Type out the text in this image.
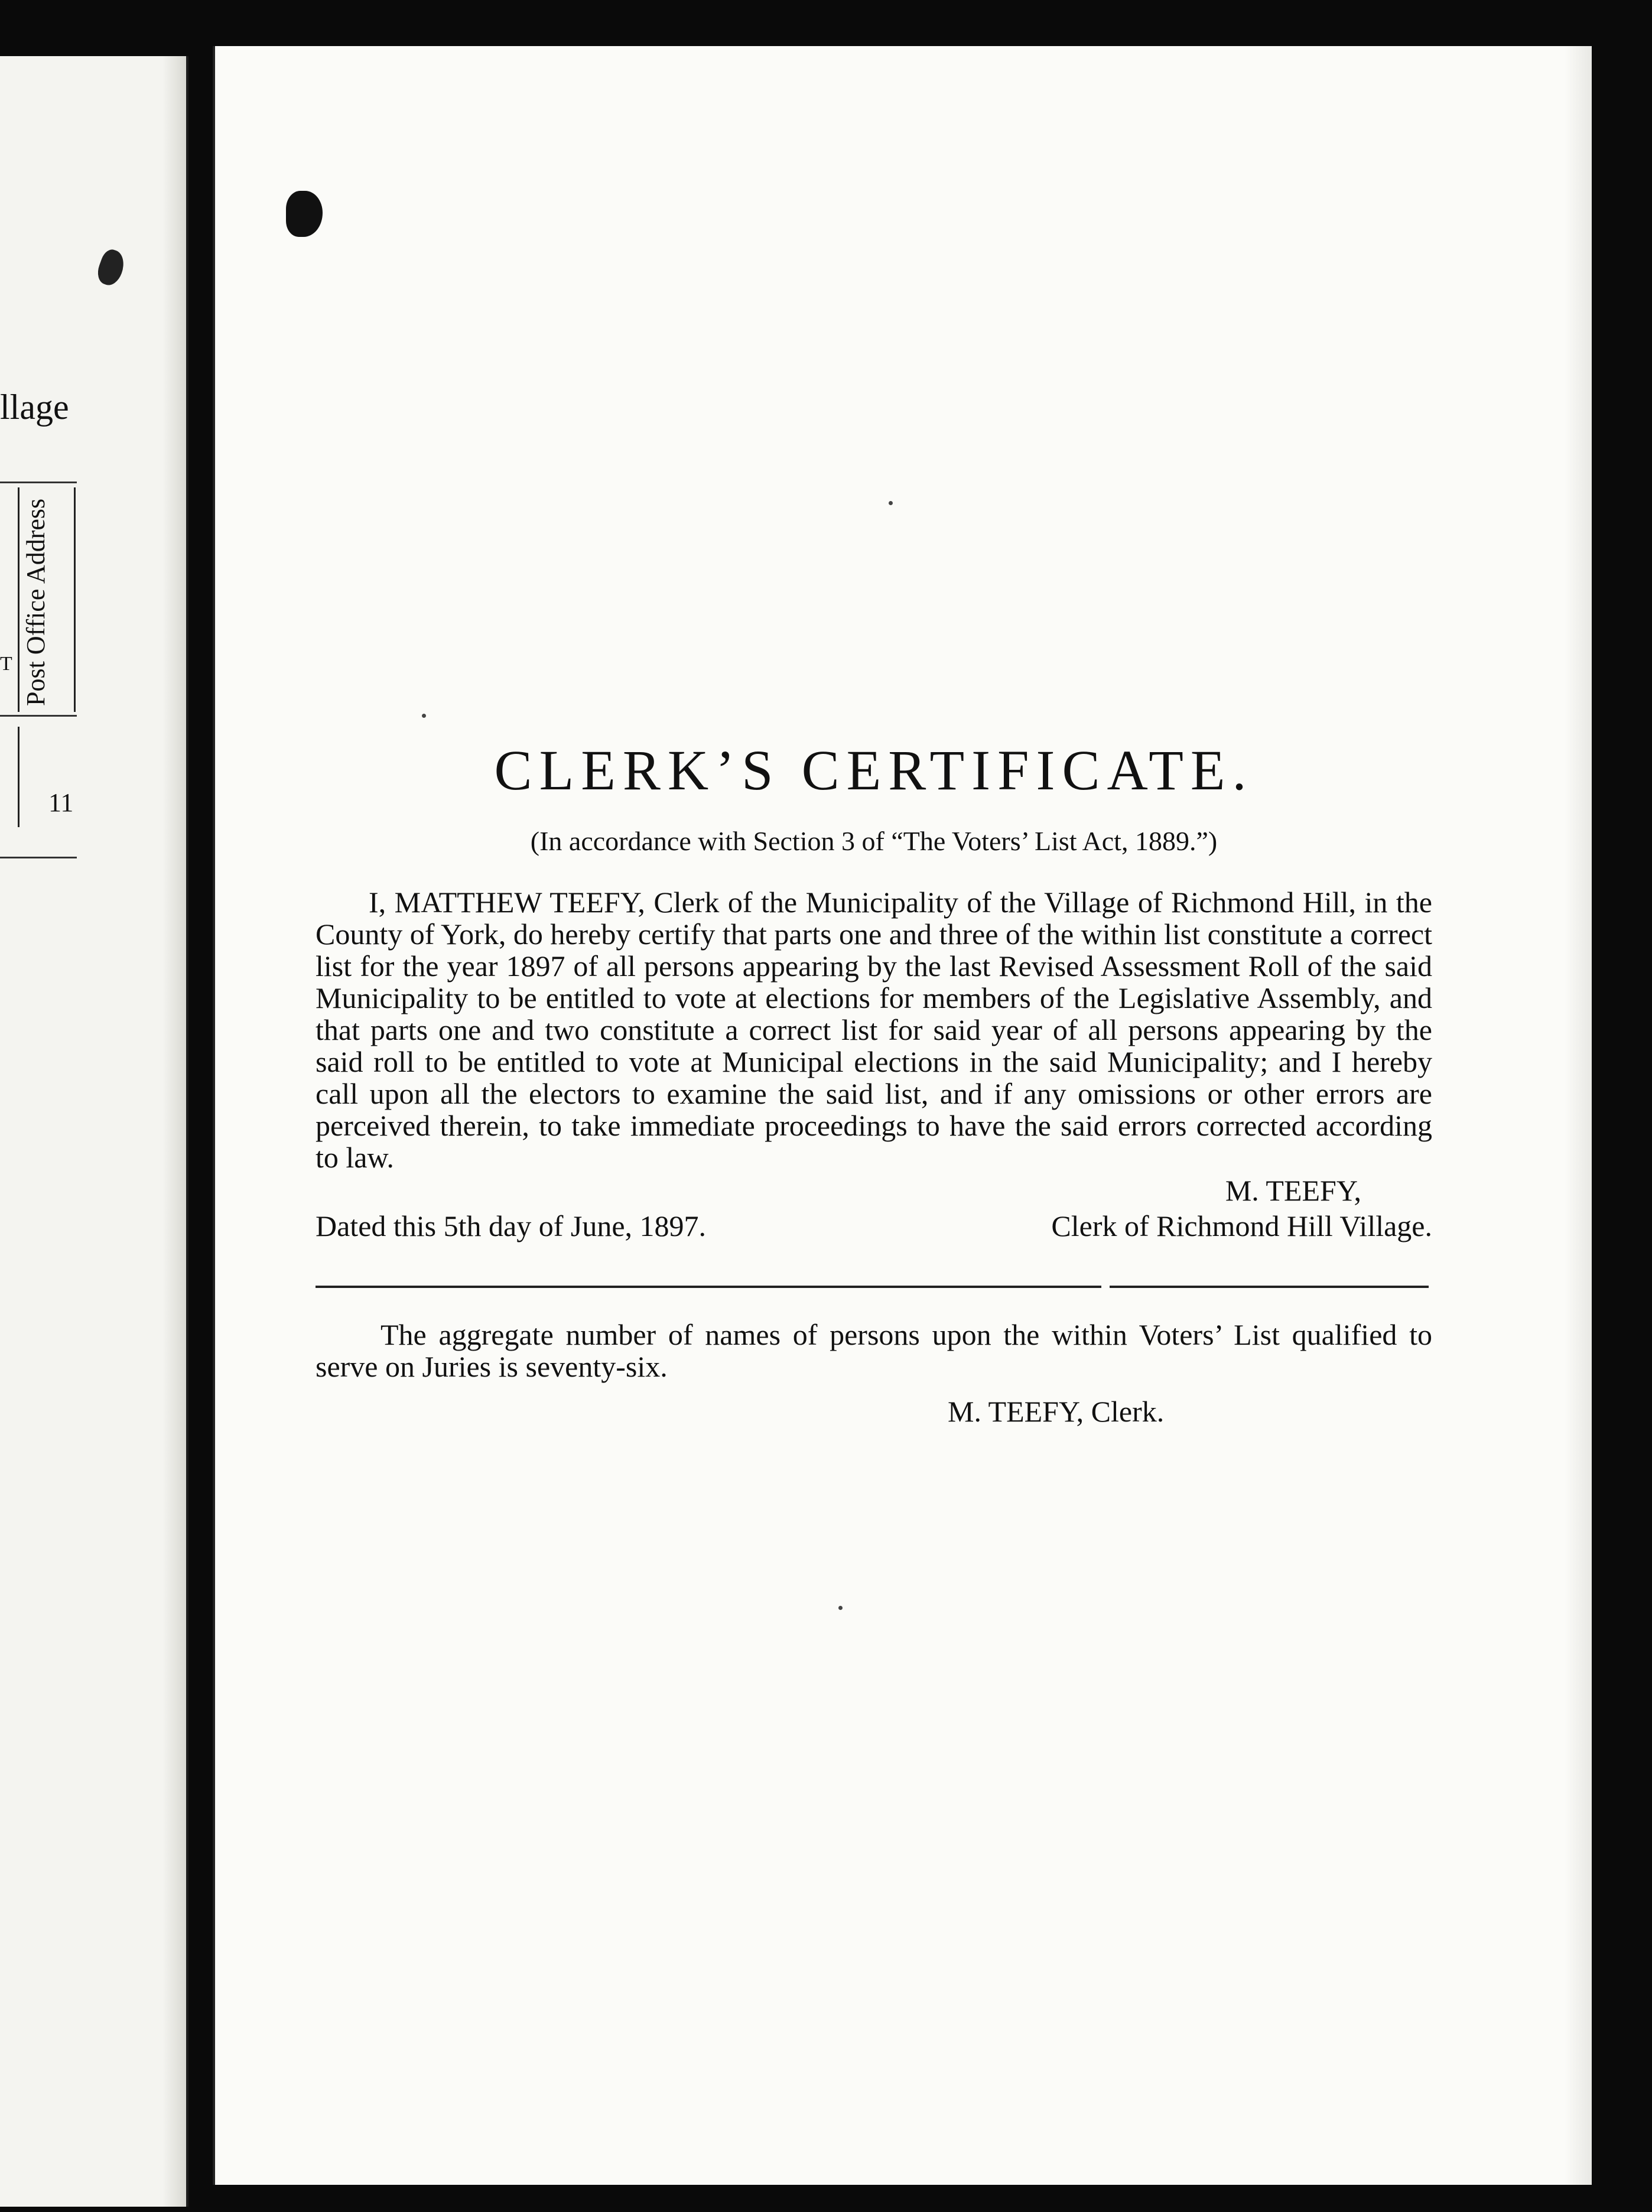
llage
T Post Office Address
11
CLERK’S CERTIFICATE.

(In accordance with Section 3 of “The Voters’ List Act, 1889.”)

I, MATTHEW TEEFY, Clerk of the Municipality of the Village of Richmond Hill, in the County of York, do hereby certify that parts one and three of the within list constitute a correct list for the year 1897 of all persons appearing by the last Revised Assessment Roll of the said Municipality to be entitled to vote at elections for members of the Legislative Assembly, and that parts one and two constitute a correct list for said year of all persons appearing by the said roll to be entitled to vote at Municipal elections in the said Municipality; and I hereby call upon all the electors to examine the said list, and if any omissions or other errors are perceived therein, to take immediate proceedings to have the said errors corrected according to law.

M. TEEFY,
Dated this 5th day of June, 1897.	Clerk of Richmond Hill Village.

The aggregate number of names of persons upon the within Voters’ List qualified to serve on Juries is seventy-six.

M. TEEFY, Clerk.
